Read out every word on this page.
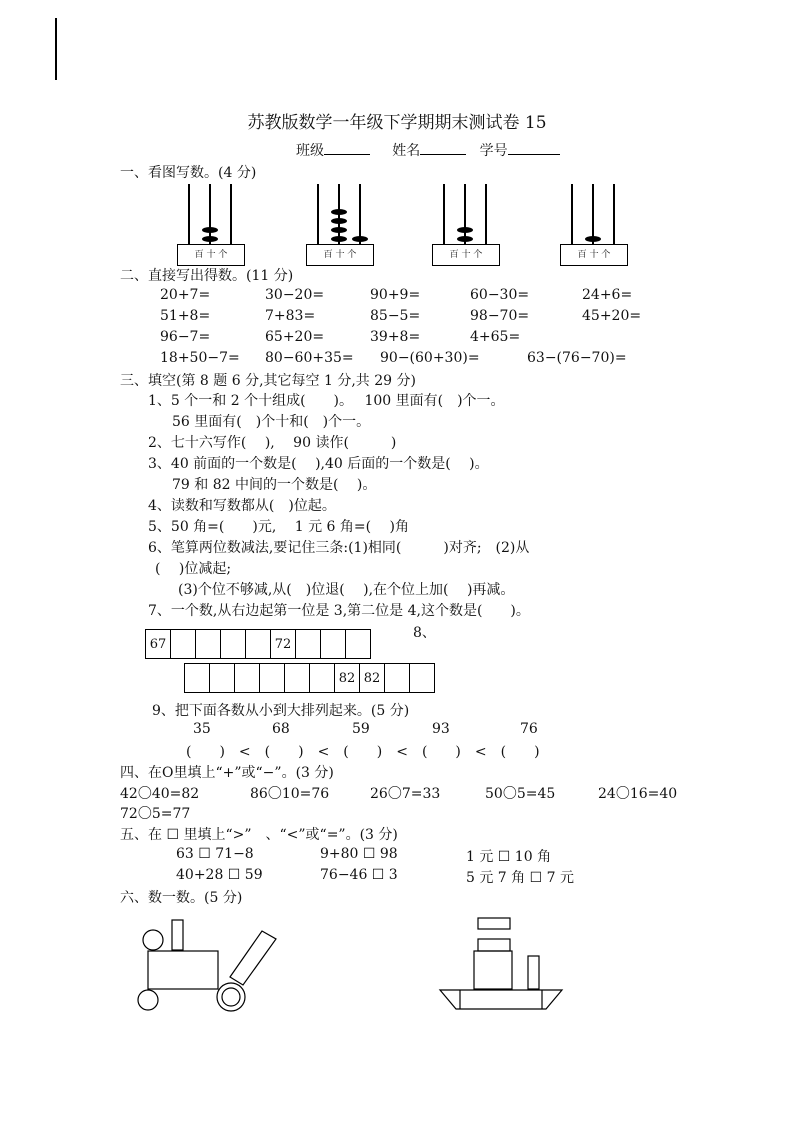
苏教版数学一年级下学期期末测试卷 15
班级	姓名	学号
一、看图写数。(4 分)
百 十 个	百 十 个	百 十 个	百 十 个
二、直接写出得数。(11 分)
20+7=	30−20=	90+9=	60−30=	24+6=
51+8=	7+83=	85−5=	98−70=	45+20=
96−7=	65+20=	39+8=	4+65=
18+50−7= 80−60+35= 90−(60+30)=	63−(76−70)=
三、填空(第 8 题 6 分,其它每空 1 分,共 29 分)
1、5 个一和 2 个十组成(　　)。　 100 里面有(　)个一。
56 里面有(　)个十和(　)个一。
2、七十六写作(　 ),　 90 读作(　　　)
3、40 前面的一个数是(　 ),40 后面的一个数是(　 )。
79 和 82 中间的一个数是(　 )。
4、读数和写数都从(　)位起。
5、50 角=(　　)元,　 1 元 6 角=(　 )角
6、笔算两位数减法,要记住三条:(1)相同(　　　)对齐;　(2)从
(　 )位减起;
(3)个位不够减,从(　)位退(　 ),在个位上加(　 )再减。
7、一个数,从右边起第一位是 3,第二位是 4,这个数是(　　)。
8、
67	72
82 82
9、把下面各数从小到大排列起来。(5 分)
35	68	59	93	76
(　　)　<　(　　)　<　(　　)　<　(　　)　<　(　　)
四、在O里填上“+”或“−”。(3 分)
42〇40=82	86〇10=76	26〇7=33	50〇5=45	24〇16=40
72〇5=77
五、在 ☐ 里填上“>”　、“<”或“=”。(3 分)
63 ☐ 71−8	9+80 ☐ 98	1 元 ☐ 10 角
40+28 ☐ 59	76−46 ☐ 3	5 元 7 角 ☐ 7 元
六、数一数。(5 分)
